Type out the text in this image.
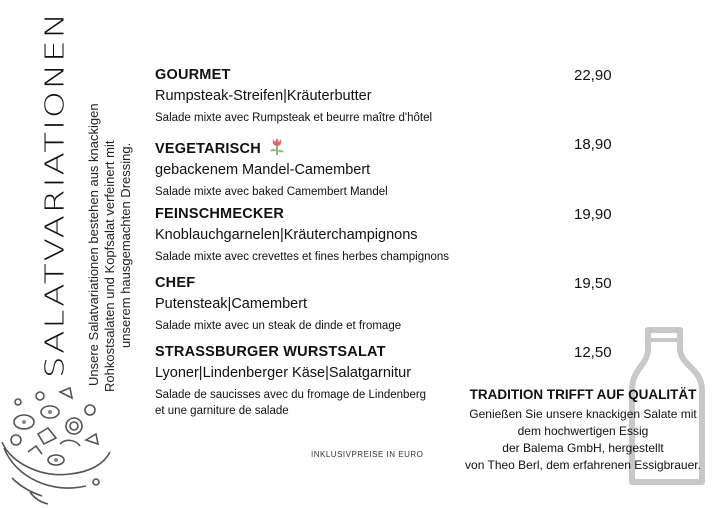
SALATVARIATIONEN Unsere Salatvariationen bestehen aus knackigen Rohkostsalaten und Kopfsalat verfeinert mit unserem hausgemachten Dressing.
GOURMET
Rumpsteak-Streifen|Kräuterbutter
Salade mixte avec Rumpsteak et beurre maître d'hôtel
22,90
VEGETARISCH
gebackenem Mandel-Camembert
Salade mixte avec baked Camembert Mandel
18,90
FEINSCHMECKER
Knoblauchgarnelen|Kräuterchampignons
Salade mixte avec crevettes et fines herbes champignons
19,90
CHEF
Putensteak|Camembert
Salade mixte avec un steak de dinde et fromage
19,50
STRASSBURGER WURSTSALAT
Lyoner|Lindenberger Käse|Salatgarnitur
Salade de saucisses avec du fromage de Lindenberg
et une garniture de salade
12,50
INKLUSIVPREISE IN EURO
TRADITION TRIFFT AUF QUALITÄT
Genießen Sie unsere knackigen Salate mit
dem hochwertigen Essig
der Balema GmbH, hergestellt
von Theo Berl, dem erfahrenen Essigbrauer.
